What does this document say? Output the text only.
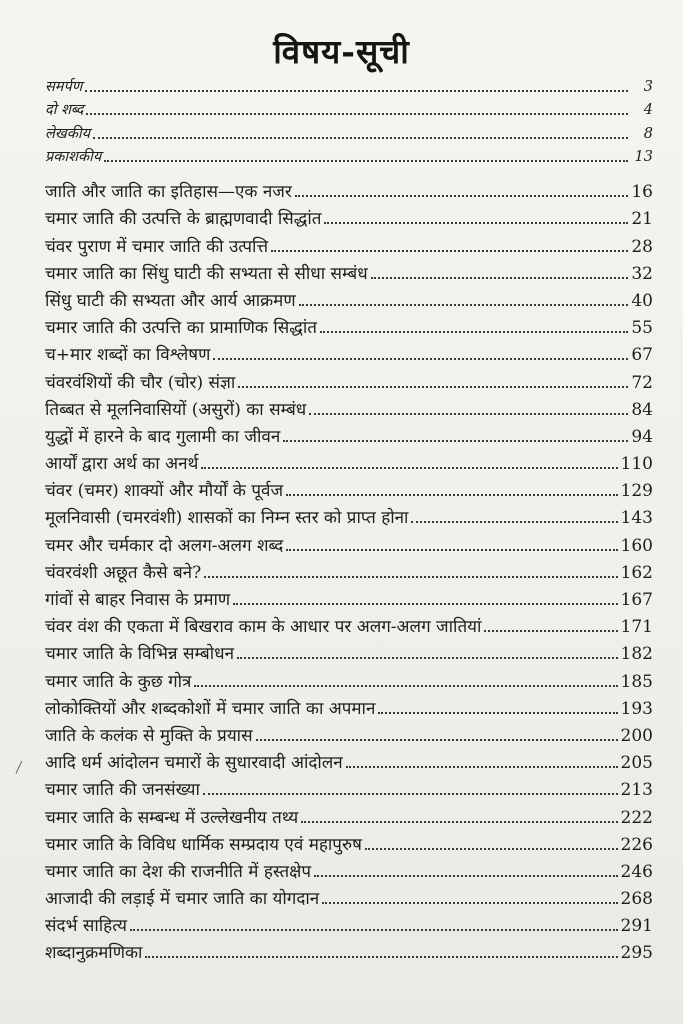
विषय-सूची
समर्पण	3
दो शब्द	4
लेखकीय	8
प्रकाशकीय	13
जाति और जाति का इतिहास—एक नजर	16
चमार जाति की उत्पत्ति के ब्राह्मणवादी सिद्धांत	21
चंवर पुराण में चमार जाति की उत्पत्ति	28
चमार जाति का सिंधु घाटी की सभ्यता से सीधा सम्बंध	32
सिंधु घाटी की सभ्यता और आर्य आक्रमण	40
चमार जाति की उत्पत्ति का प्रामाणिक सिद्धांत	55
च+मार शब्दों का विश्लेषण	67
चंवरवंशियों की चौर (चोर) संज्ञा	72
तिब्बत से मूलनिवासियों (असुरों) का सम्बंध	84
युद्धों में हारने के बाद गुलामी का जीवन	94
आर्यों द्वारा अर्थ का अनर्थ	110
चंवर (चमर) शाक्यों और मौर्यों के पूर्वज	129
मूलनिवासी (चमरवंशी) शासकों का निम्न स्तर को प्राप्त होना	143
चमर और चर्मकार दो अलग-अलग शब्द	160
चंवरवंशी अछूत कैसे बने?	162
गांवों से बाहर निवास के प्रमाण	167
चंवर वंश की एकता में बिखराव काम के आधार पर अलग-अलग जातियां	171
चमार जाति के विभिन्न सम्बोधन	182
चमार जाति के कुछ गोत्र	185
लोकोक्तियों और शब्दकोशों में चमार जाति का अपमान	193
जाति के कलंक से मुक्ति के प्रयास	200
आदि धर्म आंदोलन चमारों के सुधारवादी आंदोलन	205
चमार जाति की जनसंख्या	213
चमार जाति के सम्बन्ध में उल्लेखनीय तथ्य	222
चमार जाति के विविध धार्मिक सम्प्रदाय एवं महापुरुष	226
चमार जाति का देश की राजनीति में हस्तक्षेप	246
आजादी की लड़ाई में चमार जाति का योगदान	268
संदर्भ साहित्य	291
शब्दानुक्रमणिका	295
